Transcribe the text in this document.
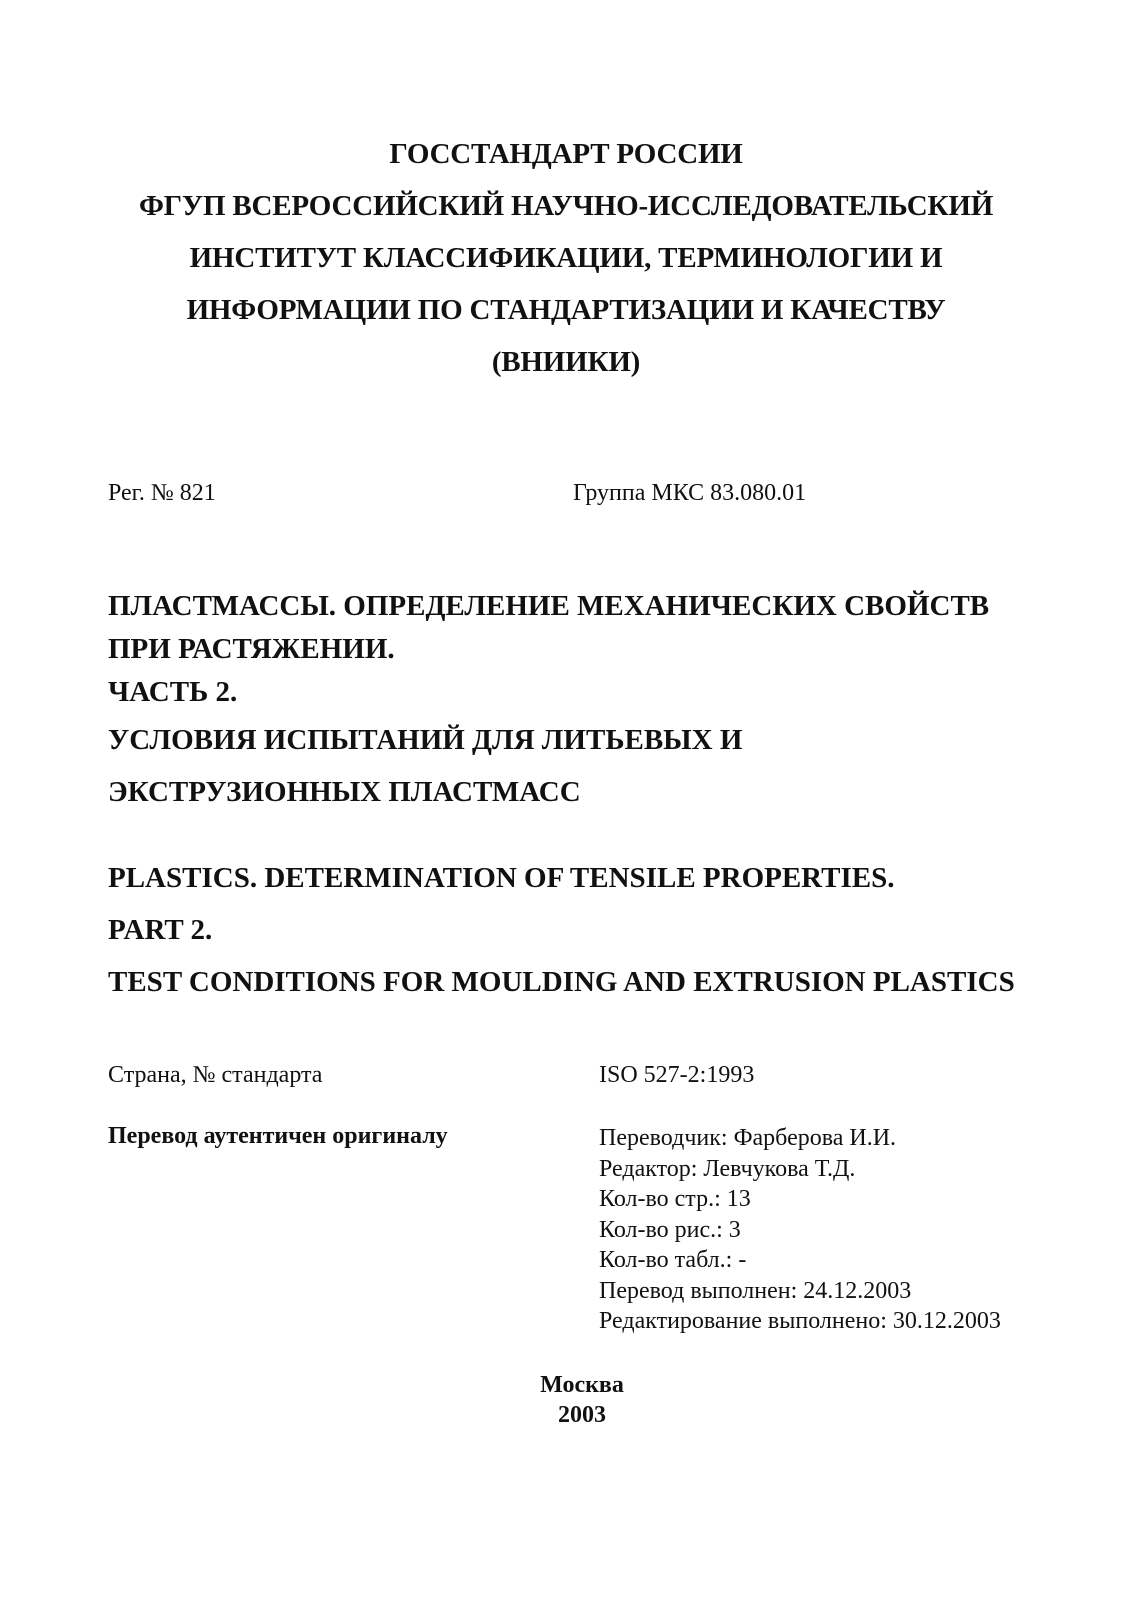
ГОССТАНДАРТ РОССИИ
ФГУП ВСЕРОССИЙСКИЙ НАУЧНО-ИССЛЕДОВАТЕЛЬСКИЙ
ИНСТИТУТ КЛАССИФИКАЦИИ, ТЕРМИНОЛОГИИ И
ИНФОРМАЦИИ ПО СТАНДАРТИЗАЦИИ И КАЧЕСТВУ
(ВНИИКИ)
Рег. № 821	Группа МКС 83.080.01
ПЛАСТМАССЫ. ОПРЕДЕЛЕНИЕ МЕХАНИЧЕСКИХ СВОЙСТВ
ПРИ РАСТЯЖЕНИИ.
ЧАСТЬ 2.
УСЛОВИЯ ИСПЫТАНИЙ ДЛЯ ЛИТЬЕВЫХ И
ЭКСТРУЗИОННЫХ ПЛАСТМАСС
PLASTICS. DETERMINATION OF TENSILE PROPERTIES.
PART 2.
TEST CONDITIONS FOR MOULDING AND EXTRUSION PLASTICS
Страна, № стандарта	ISO 527-2:1993
Перевод аутентичен оригиналу	Переводчик: Фарберова И.И.
Редактор: Левчукова Т.Д.
Кол-во стр.: 13
Кол-во рис.: 3
Кол-во табл.: -
Перевод выполнен: 24.12.2003
Редактирование выполнено: 30.12.2003
Москва
2003
